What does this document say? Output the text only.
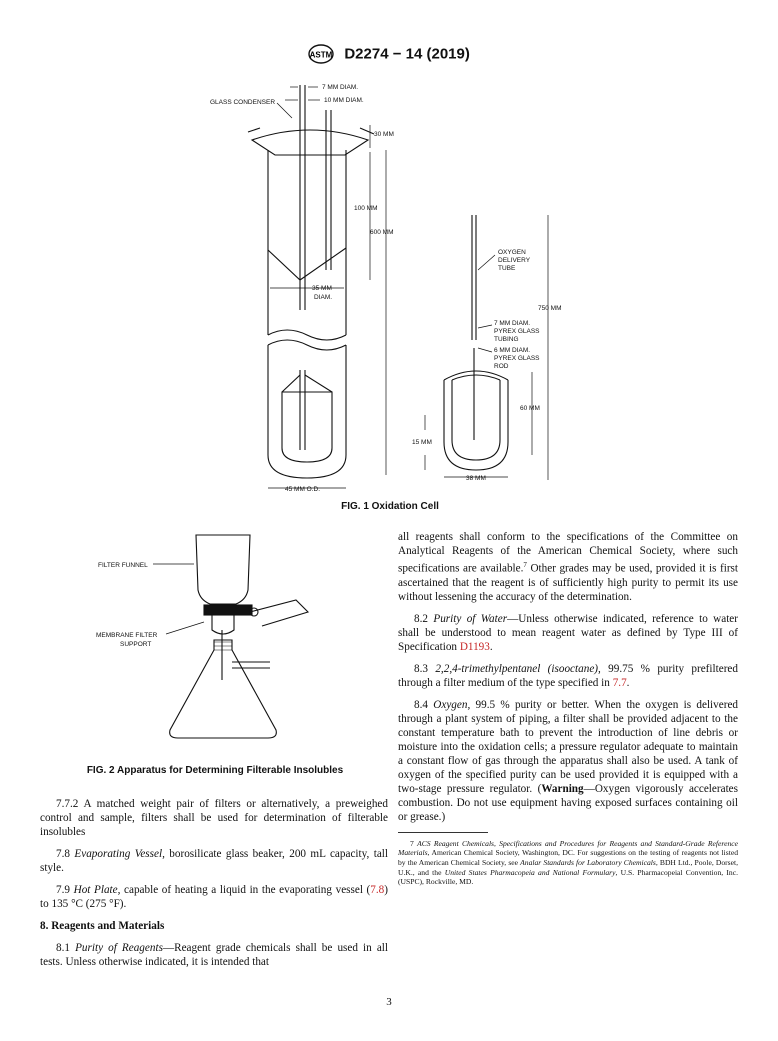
ASTM D2274 − 14 (2019)
GLASS CONDENSER
7 MM DIAM.
10 MM DIAM.
30 MM
100 MM
600 MM
35 MM
DIAM.
45 MM O.D.
OXYGEN
DELIVERY
TUBE
750 MM
7 MM DIAM.
PYREX GLASS
TUBING
6 MM DIAM.
PYREX GLASS
ROD
60 MM
15 MM
38 MM
FIG. 1 Oxidation Cell
FILTER FUNNEL
MEMBRANE FILTER
SUPPORT
FIG. 2 Apparatus for Determining Filterable Insolubles

7.7.2 A matched weight pair of filters or alternatively, a preweighed control and sample, filters shall be used for determination of filterable insolubles

7.8 Evaporating Vessel, borosilicate glass beaker, 200 mL capacity, tall style.

7.9 Hot Plate, capable of heating a liquid in the evaporating vessel (7.8) to 135 °C (275 °F).

8. Reagents and Materials

8.1 Purity of Reagents—Reagent grade chemicals shall be used in all tests. Unless otherwise indicated, it is intended that

all reagents shall conform to the specifications of the Committee on Analytical Reagents of the American Chemical Society, where such specifications are available.$^7$ Other grades may be used, provided it is first ascertained that the reagent is of sufficiently high purity to permit its use without lessening the accuracy of the determination.

8.2 Purity of Water—Unless otherwise indicated, reference to water shall be understood to mean reagent water as defined by Type III of Specification D1193.

8.3 2,2,4-trimethylpentanel (isooctane), 99.75 % purity prefiltered through a filter medium of the type specified in 7.7.

8.4 Oxygen, 99.5 % purity or better. When the oxygen is delivered through a plant system of piping, a filter shall be provided adjacent to the constant temperature bath to prevent the introduction of line debris or moisture into the oxidation cells; a pressure regulator adequate to maintain a constant flow of gas through the apparatus shall also be used. A tank of oxygen of the specified purity can be used provided it is equipped with a two-stage pressure regulator. (Warning—Oxygen vigorously accelerates combustion. Do not use equipment having exposed surfaces containing oil or grease.)

7 ACS Reagent Chemicals, Specifications and Procedures for Reagents and Standard-Grade Reference Materials, American Chemical Society, Washington, DC. For suggestions on the testing of reagents not listed by the American Chemical Society, see Analar Standards for Laboratory Chemicals, BDH Ltd., Poole, Dorset, U.K., and the United States Pharmacopeia and National Formulary, U.S. Pharmacopeial Convention, Inc. (USPC), Rockville, MD.
3
